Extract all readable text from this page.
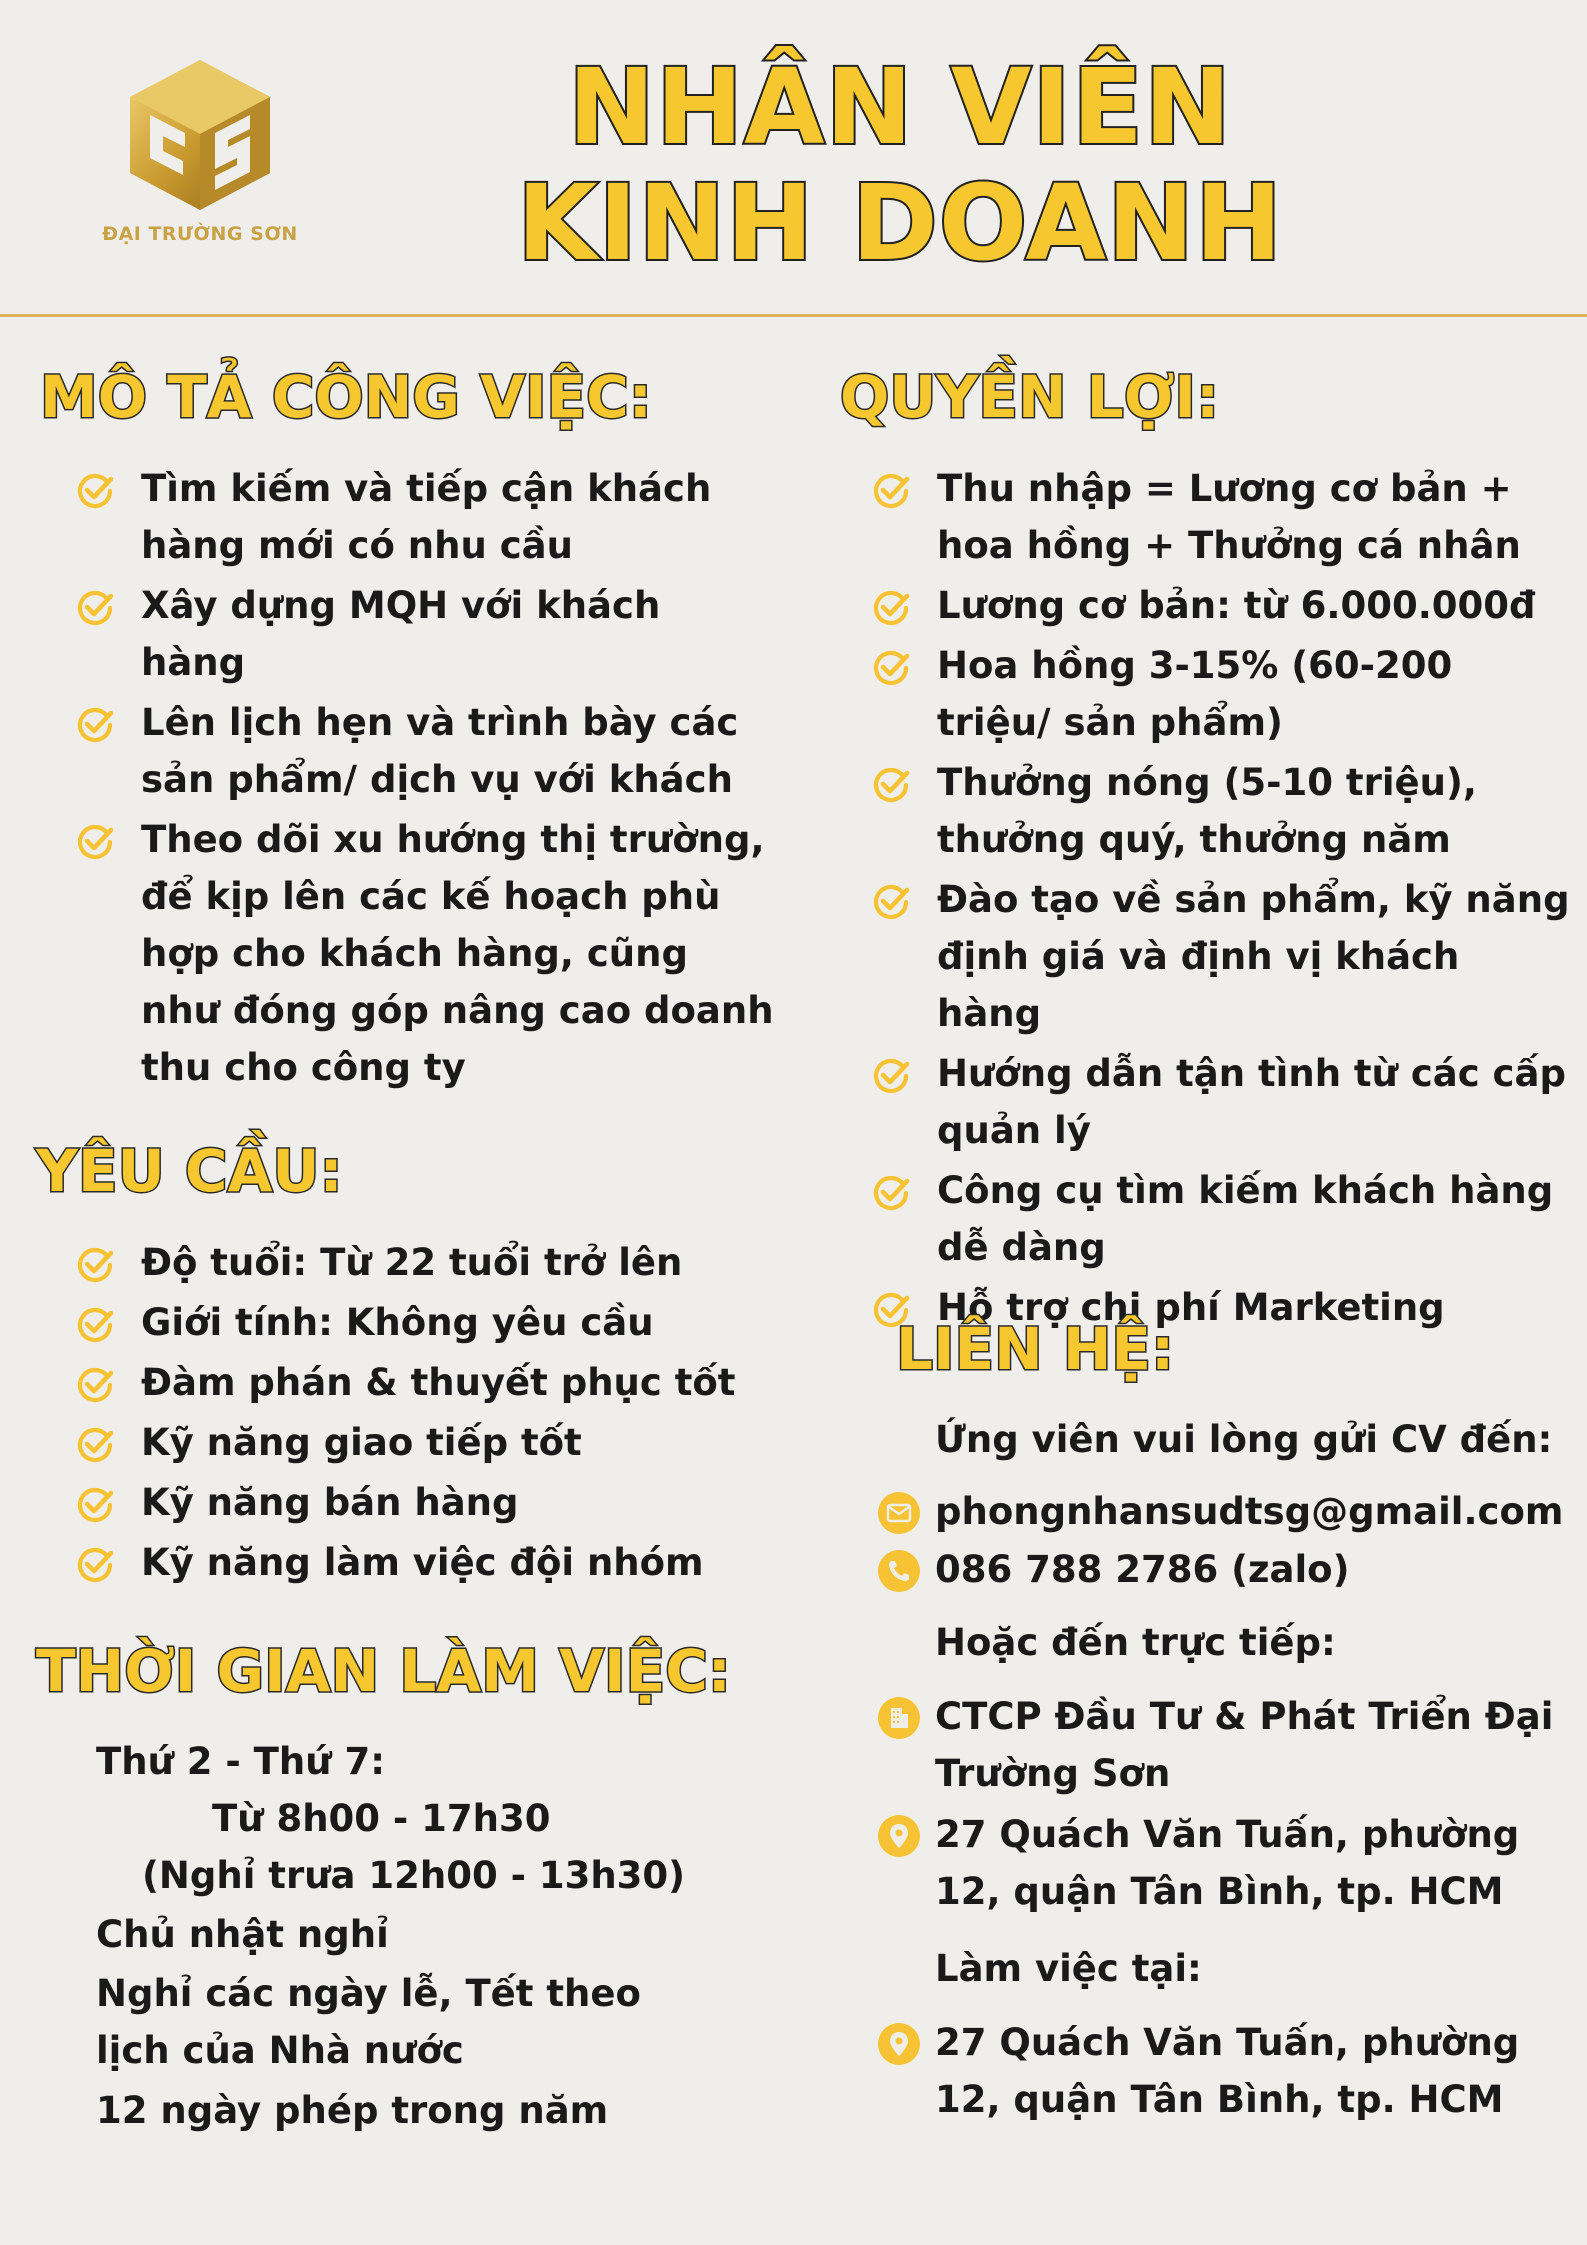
ĐẠI TRƯỜNG SƠN
NHÂN VIÊN
KINH DOANH
MÔ TẢ CÔNG VIỆC:
Tìm kiếm và tiếp cận khách hàng mới có nhu cầu
Xây dựng MQH với khách hàng
Lên lịch hẹn và trình bày các sản phẩm/ dịch vụ với khách
Theo dõi xu hướng thị trường, để kịp lên các kế hoạch phù hợp cho khách hàng, cũng như đóng góp nâng cao doanh thu cho công ty
YÊU CẦU:
Độ tuổi: Từ 22 tuổi trở lên
Giới tính: Không yêu cầu
Đàm phán & thuyết phục tốt
Kỹ năng giao tiếp tốt
Kỹ năng bán hàng
Kỹ năng làm việc đội nhóm
THỜI GIAN LÀM VIỆC:
Thứ 2 - Thứ 7:
Từ 8h00 - 17h30
(Nghỉ trưa 12h00 - 13h30)
Chủ nhật nghỉ
Nghỉ các ngày lễ, Tết theo
lịch của Nhà nước
12 ngày phép trong năm
QUYỀN LỢI:
Thu nhập = Lương cơ bản + hoa hồng + Thưởng cá nhân
Lương cơ bản: từ 6.000.000đ
Hoa hồng 3-15% (60-200 triệu/ sản phẩm)
Thưởng nóng (5-10 triệu), thưởng quý, thưởng năm
Đào tạo về sản phẩm, kỹ năng định giá và định vị khách hàng
Hướng dẫn tận tình từ các cấp quản lý
Công cụ tìm kiếm khách hàng dễ dàng
Hỗ trợ chi phí Marketing
LIÊN HỆ:
Ứng viên vui lòng gửi CV đến:
phongnhansudtsg@gmail.com
086 788 2786 (zalo)
Hoặc đến trực tiếp:
CTCP Đầu Tư & Phát Triển Đại Trường Sơn
27 Quách Văn Tuấn, phường 12, quận Tân Bình, tp. HCM
Làm việc tại:
27 Quách Văn Tuấn, phường 12, quận Tân Bình, tp. HCM
